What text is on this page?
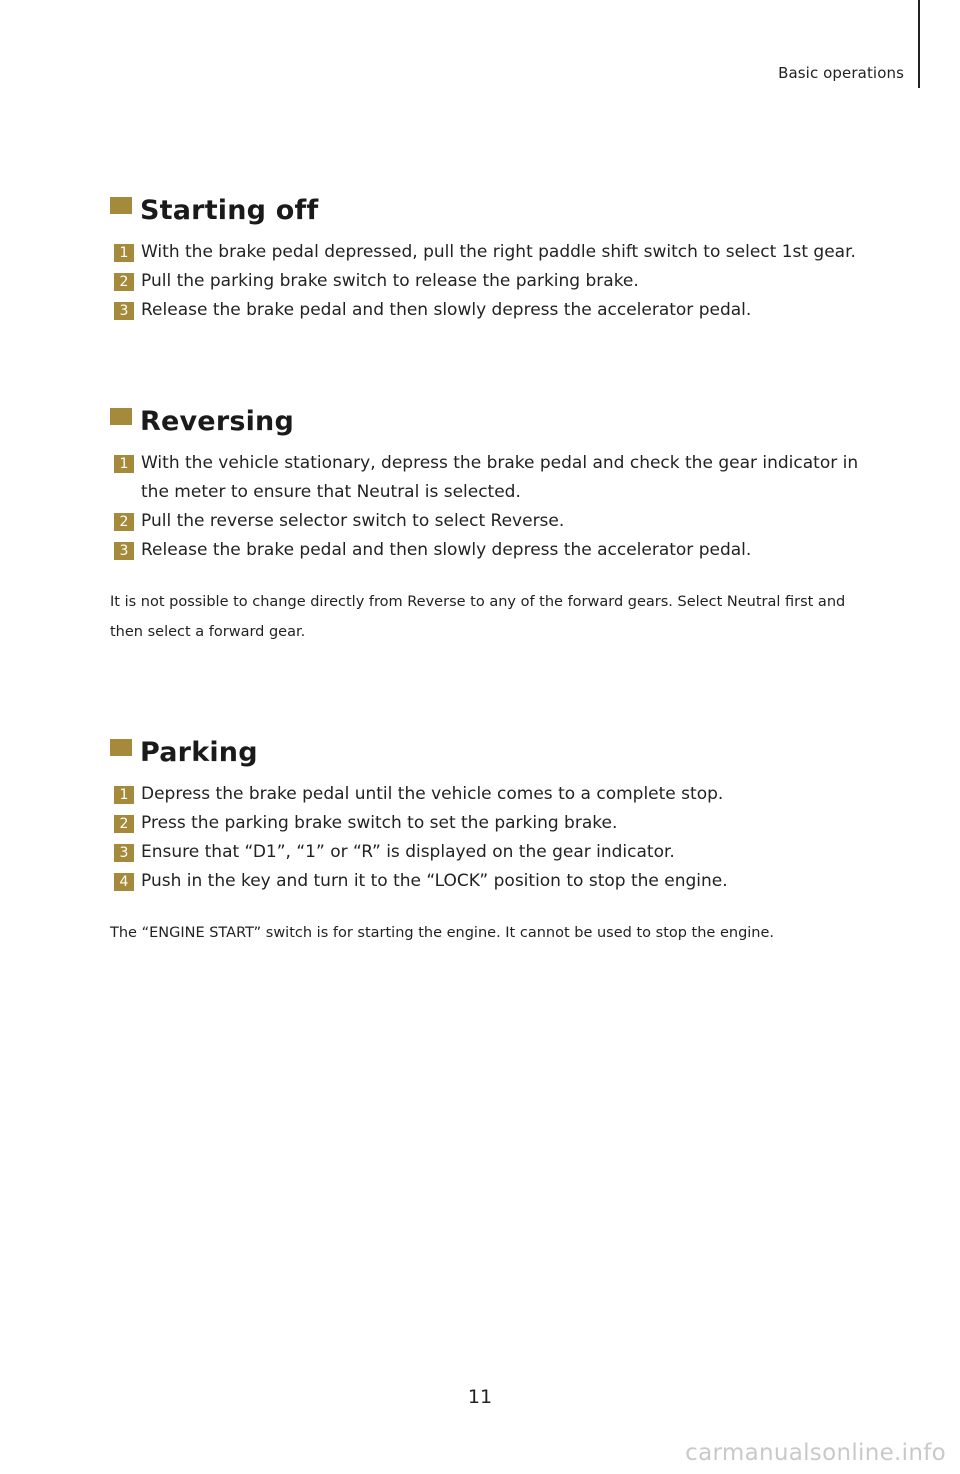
Basic operations
Starting off
1 With the brake pedal depressed, pull the right paddle shift switch to select 1st gear.
2 Pull the parking brake switch to release the parking brake.
3 Release the brake pedal and then slowly depress the accelerator pedal.
Reversing
1 With the vehicle stationary, depress the brake pedal and check the gear indicator in the meter to ensure that Neutral is selected.
2 Pull the reverse selector switch to select Reverse.
3 Release the brake pedal and then slowly depress the accelerator pedal.
It is not possible to change directly from Reverse to any of the forward gears. Select Neutral first and then select a forward gear.
Parking
1 Depress the brake pedal until the vehicle comes to a complete stop.
2 Press the parking brake switch to set the parking brake.
3 Ensure that “D1”, “1” or “R” is displayed on the gear indicator.
4 Push in the key and turn it to the “LOCK” position to stop the engine.
The “ENGINE START” switch is for starting the engine. It cannot be used to stop the engine.
11
carmanualsonline.info
